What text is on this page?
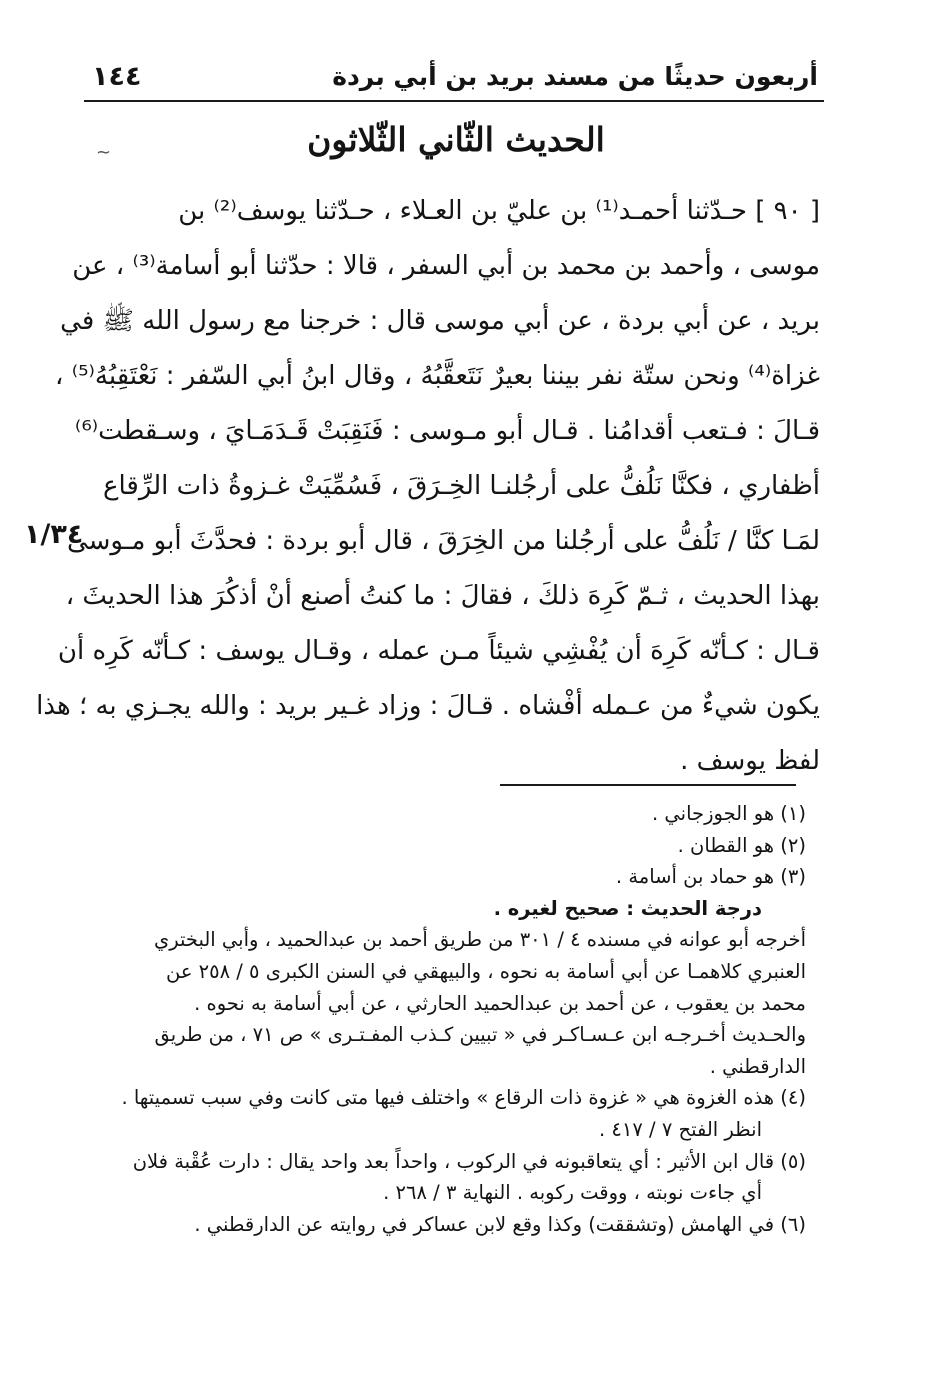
أربعون حديثًا من مسند بريد بن أبي بردة
١٤٤
الحديث الثّاني الثّلاثون
~
١/٣٤
[ ٩٠ ] حـدّثنا أحمـد⁽¹⁾ بن عليّ بن العـلاء ، حـدّثنا يوسف⁽²⁾ بن
موسى ، وأحمد بن محمد بن أبي السفر ، قالا : حدّثنا أبو أسامة⁽³⁾ ، عن
بريد ، عن أبي بردة ، عن أبي موسى قال : خرجنا مع رسول الله ﷺ في
غزاة⁽⁴⁾ ونحن ستّة نفر بيننا بعيرٌ نَتَعقَّبُهُ ، وقال ابنُ أبي السّفر : نَعْتَقِبُهُ⁽⁵⁾ ،
قـالَ : فـتعب أقدامُنا . قـال أبو مـوسى : فَنَقِبَتْ قَـدَمَـايَ ، وسـقطت⁽⁶⁾
أظفاري ، فكنَّا نَلُفُّ على أرجُلنـا الخِـرَقَ ، فَسُمِّيَتْ غـزوةُ ذات الرِّقاع
لمَـا كنَّا / نَلُفُّ على أرجُلنا من الخِرَقَ ، قال أبو بردة : فحدَّثَ أبو مـوسى
بهذا الحديث ، ثـمّ كَرِهَ ذلكَ ، فقالَ : ما كنتُ أصنع أنْ أذكُرَ هذا الحديثَ ،
قـال : كـأنّه كَرِهَ أن يُفْشِي شيئاً مـن عمله ، وقـال يوسف : كـأنّه كَرِه أن
يكون شيءٌ من عـمله أفْشاه . قـالَ : وزاد غـير بريد : والله يجـزي به ؛ هذا
لفظ يوسف .
(١) هو الجوزجاني .
(٢) هو القطان .
(٣) هو حماد بن أسامة .
درجة الحديث : صحيح لغيره .
أخرجه أبو عوانه في مسنده ٤ / ٣٠١ من طريق أحمد بن عبدالحميد ، وأبي البختري
العنبري كلاهمـا عن أبي أسامة به نحوه ، والبيهقي في السنن الكبرى ٥ / ٢٥٨ عن
محمد بن يعقوب ، عن أحمد بن عبدالحميد الحارثي ، عن أبي أسامة به نحوه .
والحـديث أخـرجـه ابن عـسـاكـر في « تبيين كـذب المفـتـرى » ص ٧١ ، من طريق
الدارقطني .
(٤) هذه الغزوة هي « غزوة ذات الرقاع » واختلف فيها متى كانت وفي سبب تسميتها .
انظر الفتح ٧ / ٤١٧ .
(٥) قال ابن الأثير : أي يتعاقبونه في الركوب ، واحداً بعد واحد يقال : دارت عُقْبة فلان
أي جاءت نوبته ، ووقت ركوبه . النهاية ٣ / ٢٦٨ .
(٦) في الهامش (وتشققت) وكذا وقع لابن عساكر في روايته عن الدارقطني .
